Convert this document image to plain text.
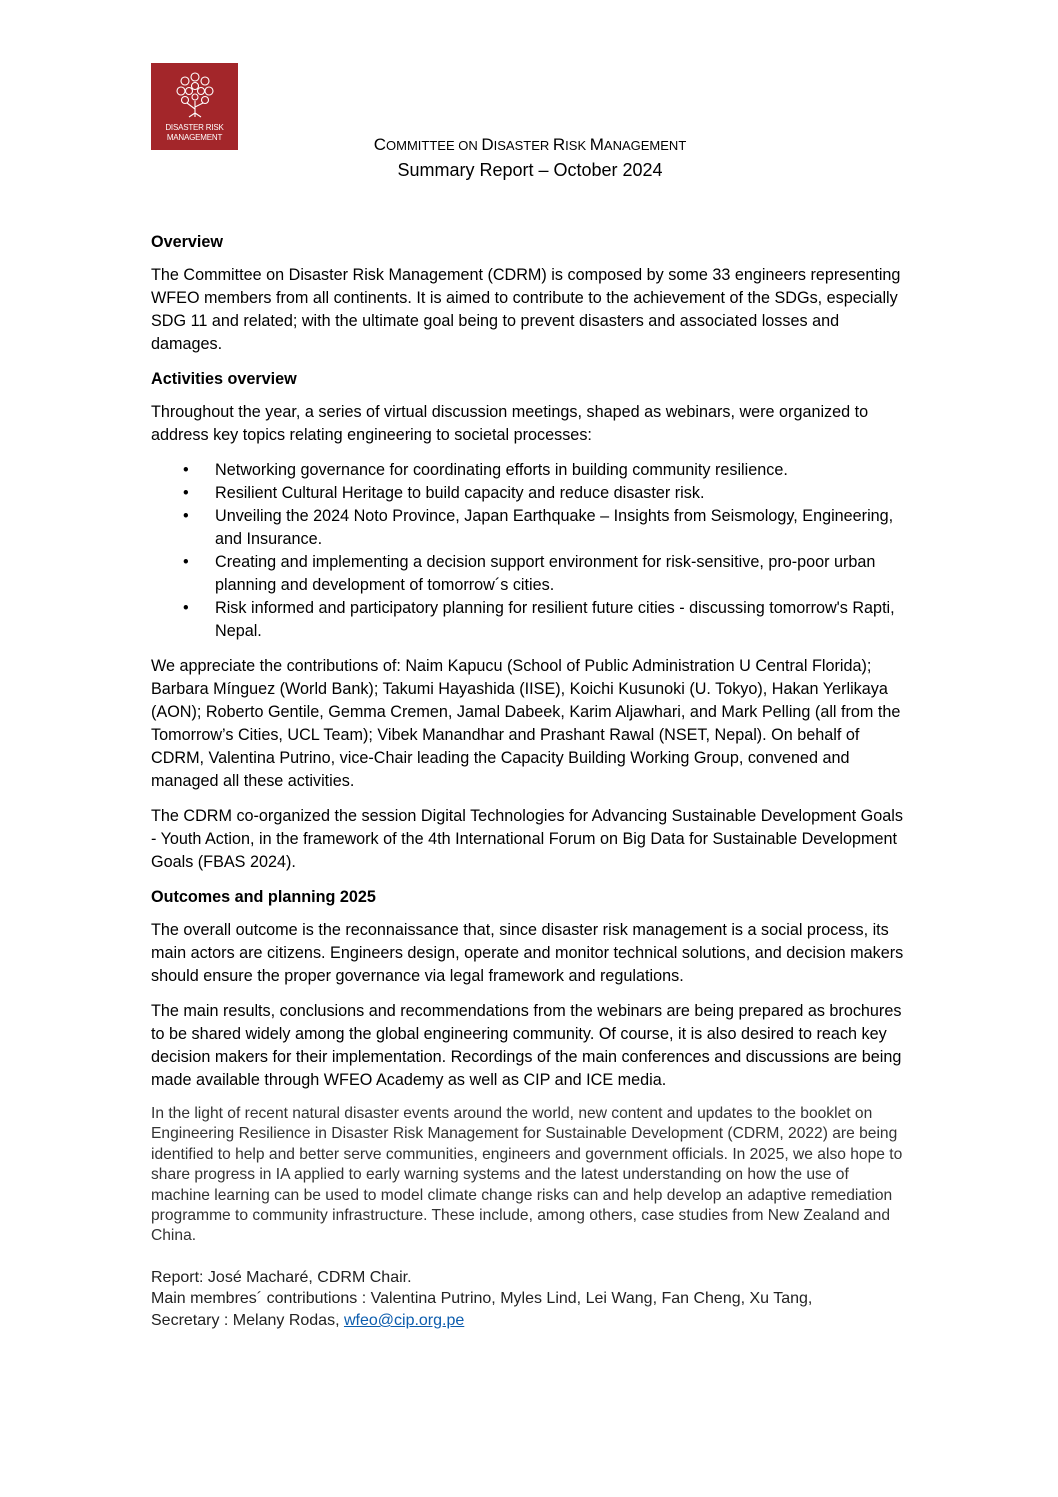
DISASTER RISK
MANAGEMENT	COMMITTEE ON DISASTER RISK MANAGEMENT
Summary Report – October 2024
Overview

The Committee on Disaster Risk Management (CDRM) is composed by some 33 engineers representing WFEO members from all continents. It is aimed to contribute to the achievement of the SDGs, especially SDG 11 and related; with the ultimate goal being to prevent disasters and associated losses and damages.

Activities overview

Throughout the year, a series of virtual discussion meetings, shaped as webinars, were organized to address key topics relating engineering to societal processes:

• Networking governance for coordinating efforts in building community resilience.
• Resilient Cultural Heritage to build capacity and reduce disaster risk.
• Unveiling the 2024 Noto Province, Japan Earthquake – Insights from Seismology, Engineering, and Insurance.
• Creating and implementing a decision support environment for risk-sensitive, pro-poor urban planning and development of tomorrow´s cities.
• Risk informed and participatory planning for resilient future cities - discussing tomorrow's Rapti, Nepal.

We appreciate the contributions of: Naim Kapucu (School of Public Administration U Central Florida); Barbara Mínguez (World Bank); Takumi Hayashida (IISE), Koichi Kusunoki (U. Tokyo), Hakan Yerlikaya (AON); Roberto Gentile, Gemma Cremen, Jamal Dabeek, Karim Aljawhari, and Mark Pelling (all from the Tomorrow’s Cities, UCL Team); Vibek Manandhar and Prashant Rawal (NSET, Nepal). On behalf of CDRM, Valentina Putrino, vice-Chair leading the Capacity Building Working Group, convened and managed all these activities.

The CDRM co-organized the session Digital Technologies for Advancing Sustainable Development Goals - Youth Action, in the framework of the 4th International Forum on Big Data for Sustainable Development Goals (FBAS 2024).

Outcomes and planning 2025

The overall outcome is the reconnaissance that, since disaster risk management is a social process, its main actors are citizens. Engineers design, operate and monitor technical solutions, and decision makers should ensure the proper governance via legal framework and regulations.

The main results, conclusions and recommendations from the webinars are being prepared as brochures to be shared widely among the global engineering community. Of course, it is also desired to reach key decision makers for their implementation. Recordings of the main conferences and discussions are being made available through WFEO Academy as well as CIP and ICE media.

In the light of recent natural disaster events around the world, new content and updates to the booklet on Engineering Resilience in Disaster Risk Management for Sustainable Development (CDRM, 2022) are being identified to help and better serve communities, engineers and government officials. In 2025, we also hope to share progress in IA applied to early warning systems and the latest understanding on how the use of machine learning can be used to model climate change risks can and help develop an adaptive remediation programme to community infrastructure. These include, among others, case studies from New Zealand and China.

Report: José Macharé, CDRM Chair.
Main membres´ contributions : Valentina Putrino, Myles Lind, Lei Wang, Fan Cheng, Xu Tang,
Secretary : Melany Rodas, wfeo@cip.org.pe
